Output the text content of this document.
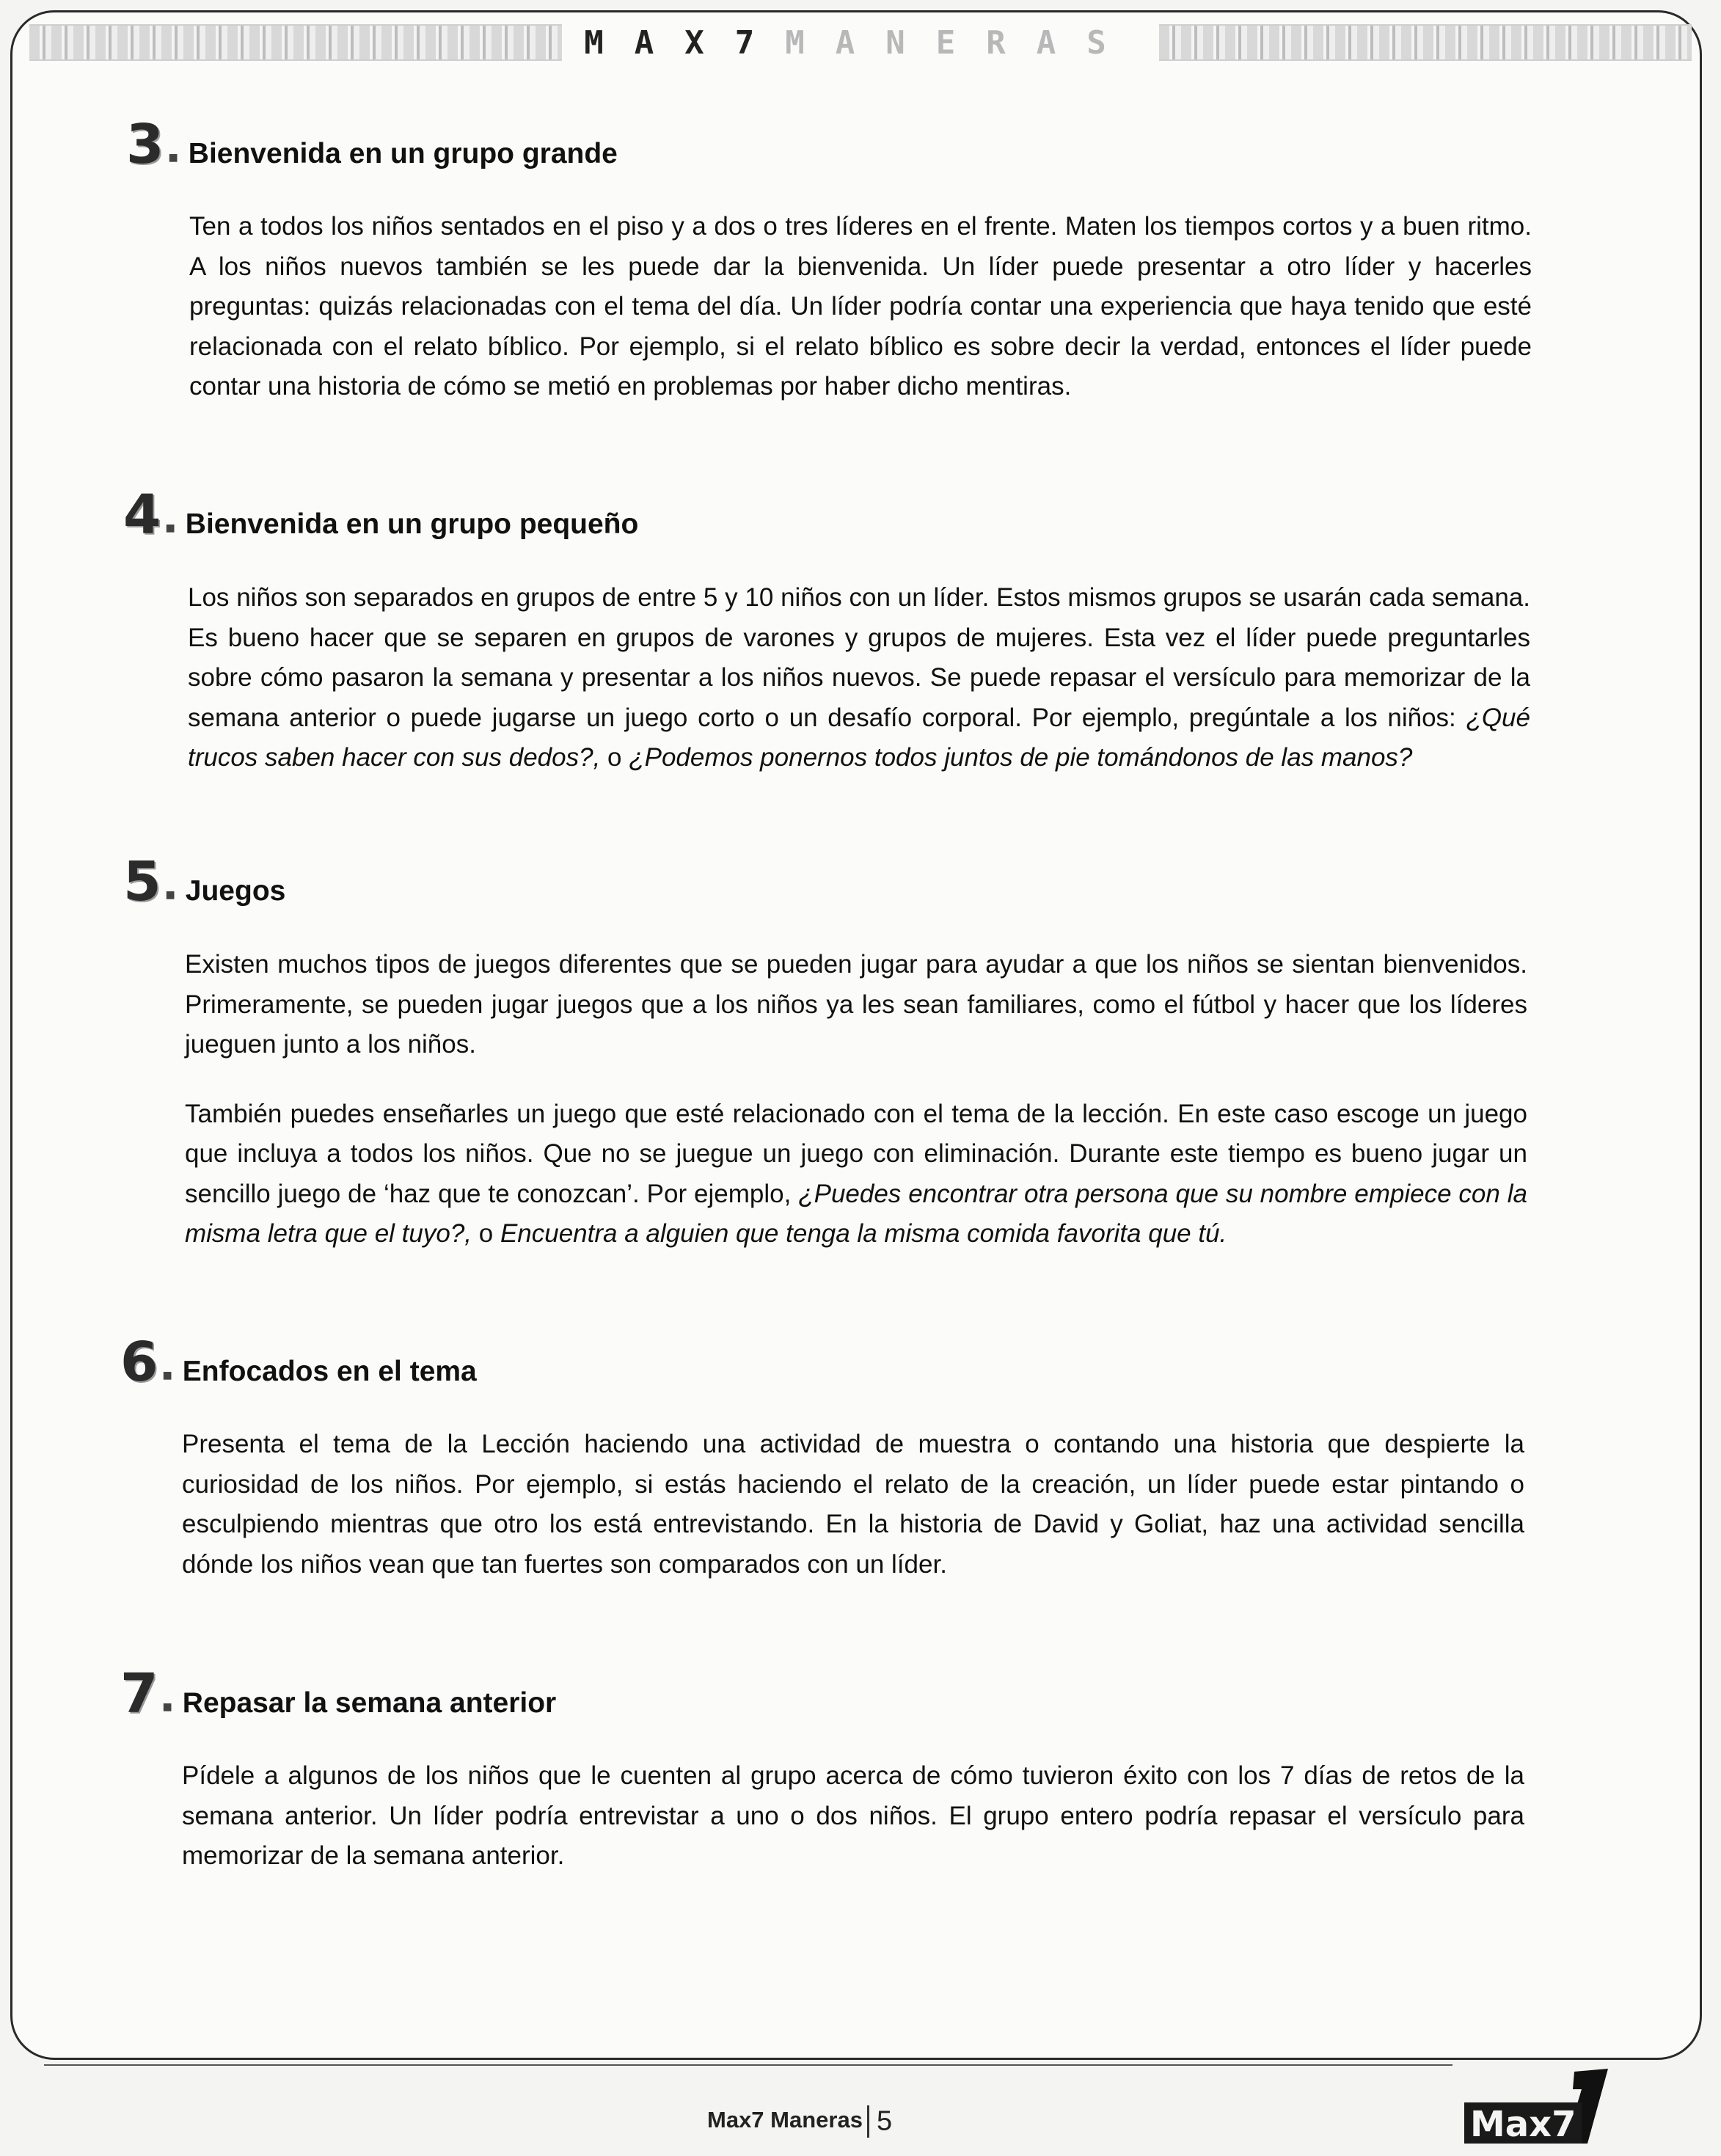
MAX7MANERAS
3 ■ Bienvenida en un grupo grande

Ten a todos los niños sentados en el piso y a dos o tres líderes en el frente. Maten los tiempos cortos y a buen ritmo. A los niños nuevos también se les puede dar la bienvenida. Un líder puede presentar a otro líder y hacerles preguntas: quizás relacionadas con el tema del día. Un líder podría contar una experiencia que haya tenido que esté relacionada con el relato bíblico. Por ejemplo, si el relato bíblico es sobre decir la verdad, entonces el líder puede contar una historia de cómo se metió en problemas por haber dicho mentiras.

4 ■ Bienvenida en un grupo pequeño

Los niños son separados en grupos de entre 5 y 10 niños con un líder. Estos mismos grupos se usarán cada semana. Es bueno hacer que se separen en grupos de varones y grupos de mujeres. Esta vez el líder puede preguntarles sobre cómo pasaron la semana y presentar a los niños nuevos. Se puede repasar el versículo para memorizar de la semana anterior o puede jugarse un juego corto o un desafío corporal. Por ejemplo, pregúntale a los niños: ¿Qué trucos saben hacer con sus dedos?, o ¿Podemos ponernos todos juntos de pie tomándonos de las manos?

5 ■ Juegos

Existen muchos tipos de juegos diferentes que se pueden jugar para ayudar a que los niños se sientan bienvenidos. Primeramente, se pueden jugar juegos que a los niños ya les sean familiares, como el fútbol y hacer que los líderes jueguen junto a los niños.

También puedes enseñarles un juego que esté relacionado con el tema de la lección. En este caso escoge un juego que incluya a todos los niños. Que no se juegue un juego con eliminación. Durante este tiempo es bueno jugar un sencillo juego de ‘haz que te conozcan’. Por ejemplo, ¿Puedes encontrar otra persona que su nombre empiece con la misma letra que el tuyo?, o Encuentra a alguien que tenga la misma comida favorita que tú.

6 ■ Enfocados en el tema

Presenta el tema de la Lección haciendo una actividad de muestra o contando una historia que despierte la curiosidad de los niños. Por ejemplo, si estás haciendo el relato de la creación, un líder puede estar pintando o esculpiendo mientras que otro los está entrevistando. En la historia de David y Goliat, haz una actividad sencilla dónde los niños vean que tan fuertes son comparados con un líder.

7 ■ Repasar la semana anterior

Pídele a algunos de los niños que le cuenten al grupo acerca de cómo tuvieron éxito con los 7 días de retos de la semana anterior. Un líder podría entrevistar a uno o dos niños. El grupo entero podría repasar el versículo para memorizar de la semana anterior.

Max7 Maneras 5	Max7
